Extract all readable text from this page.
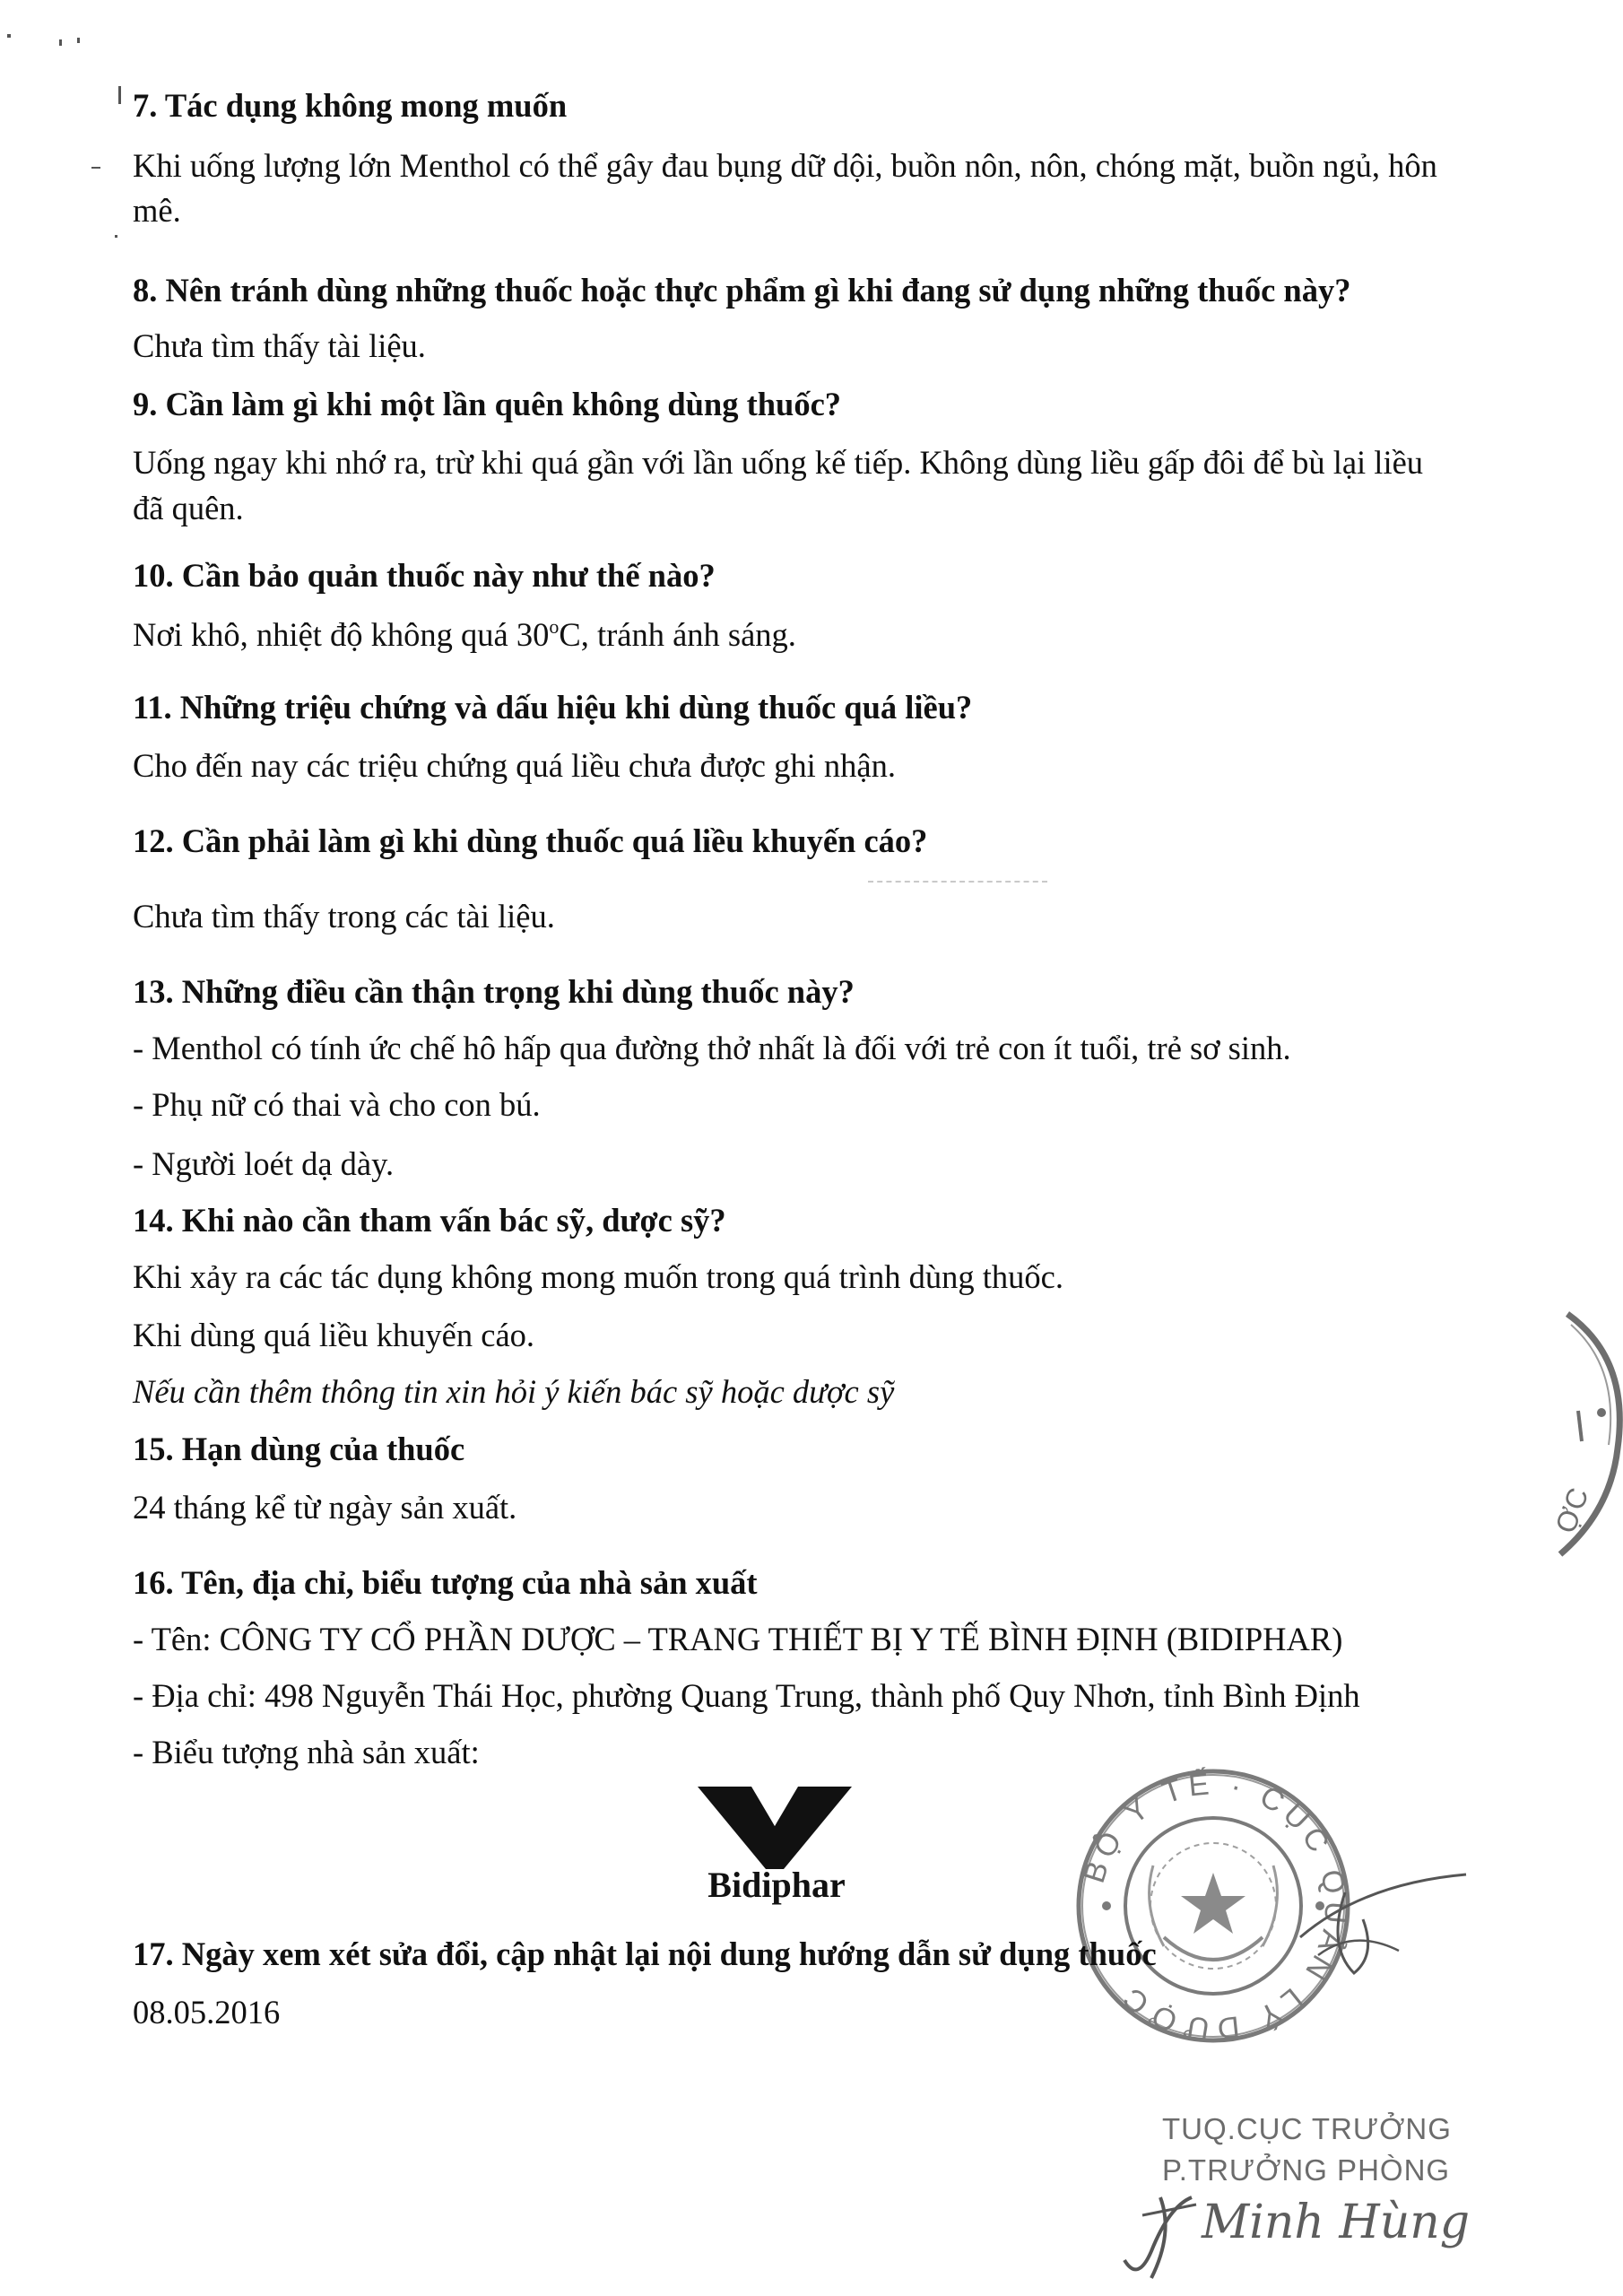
7. Tác dụng không mong muốn
Khi uống lượng lớn Menthol có thể gây đau bụng dữ dội, buồn nôn, nôn, chóng mặt, buồn ngủ, hôn
mê.
8. Nên tránh dùng những thuốc hoặc thực phẩm gì khi đang sử dụng những thuốc này?
Chưa tìm thấy tài liệu.
9. Cần làm gì khi một lần quên không dùng thuốc?
Uống ngay khi nhớ ra, trừ khi quá gần với lần uống kế tiếp. Không dùng liều gấp đôi để bù lại liều
đã quên.
10. Cần bảo quản thuốc này như thế nào?
Nơi khô, nhiệt độ không quá 30$^o$C, tránh ánh sáng.
11. Những triệu chứng và dấu hiệu khi dùng thuốc quá liều?
Cho đến nay các triệu chứng quá liều chưa được ghi nhận.
12. Cần phải làm gì khi dùng thuốc quá liều khuyến cáo?
Chưa tìm thấy trong các tài liệu.
13. Những điều cần thận trọng khi dùng thuốc này?
- Menthol có tính ức chế hô hấp qua đường thở nhất là đối với trẻ con ít tuổi, trẻ sơ sinh.
- Phụ nữ có thai và cho con bú.
- Người loét dạ dày.
14. Khi nào cần tham vấn bác sỹ, dược sỹ?
Khi xảy ra các tác dụng không mong muốn trong quá trình dùng thuốc.
Khi dùng quá liều khuyến cáo.
Nếu cần thêm thông tin xin hỏi ý kiến bác sỹ hoặc dược sỹ
15. Hạn dùng của thuốc
24 tháng kể từ ngày sản xuất.
16. Tên, địa chỉ, biểu tượng của nhà sản xuất
- Tên: CÔNG TY CỔ PHẦN DƯỢC – TRANG THIẾT BỊ Y TẾ BÌNH ĐỊNH (BIDIPHAR)
- Địa chỉ: 498 Nguyễn Thái Học, phường Quang Trung, thành phố Quy Nhơn, tỉnh Bình Định
- Biểu tượng nhà sản xuất:
Bidiphar	BỘ Y TẾ · CỤC QUẢN LÝ DƯỢC
17. Ngày xem xét sửa đổi, cập nhật lại nội dung hướng dẫn sử dụng thuốc
08.05.2016
ỢC
TUQ.CỤC TRƯỞNG
P.TRƯỞNG PHÒNG
Minh Hùng
